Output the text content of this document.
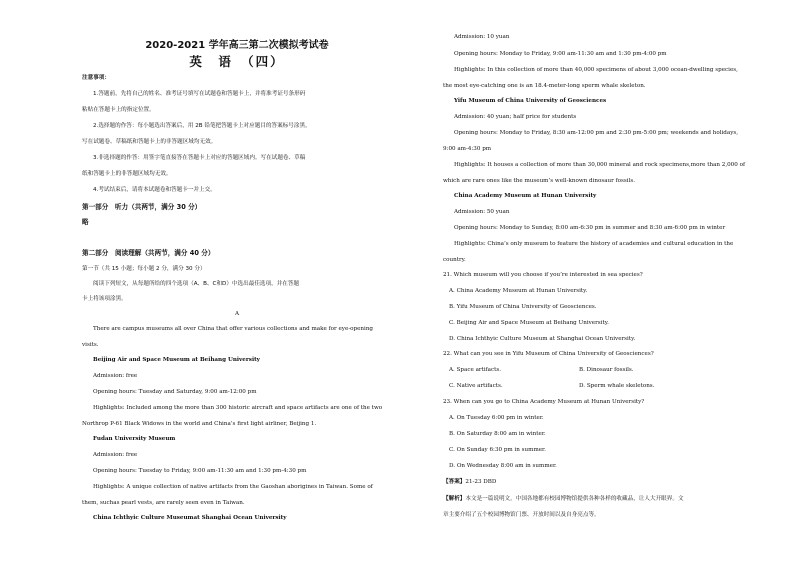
2020-2021 学年高三第二次模拟考试卷
英　语　（四）

注意事项：

1.答题前，先将自己的姓名、准考证号填写在试题卷和答题卡上，并将准考证号条形码

粘贴在答题卡上的指定位置。

2.选择题的作答：每小题选出答案后，用 2B 铅笔把答题卡上对应题目的答案标号涂黑，

写在试题卷、草稿纸和答题卡上的非答题区域均无效。

3.非选择题的作答：用签字笔直接答在答题卡上对应的答题区域内。写在试题卷、草稿

纸和答题卡上的非答题区域均无效。

4.考试结束后，请将本试题卷和答题卡一并上交。

第一部分　听力（共两节，满分 30 分）

略

第二部分　阅读理解（共两节，满分 40 分）

第一节（共 15 小题；每小题 2 分，满分 30 分）

阅读下列短文，从每题所给的四个选项（A、B、C和D）中选出最佳选项，并在答题

卡上将该项涂黑。

A

There are campus museums all over China that offer various collections and make for eye-opening

visits.

Beijing Air and Space Museum at Beihang University

Admission: free

Opening hours: Tuesday and Saturday, 9:00 am-12:00 pm

Highlights: Included among the more than 300 historic aircraft and space artifacts are one of the two

Northrop P-61 Black Widows in the world and China’s first light airliner, Beijing 1.

Fudan University Museum

Admission: free

Opening hours: Tuesday to Friday, 9:00 am-11:30 am and 1:30 pm-4:30 pm

Highlights: A unique collection of native artifacts from the Gaoshan aborigines in Taiwan. Some of

them, suchas pearl vests, are rarely seen even in Taiwan.

China Ichthyic Culture Museumat Shanghai Ocean University

Admission: 10 yuan

Opening hours: Monday to Friday, 9:00 am-11:30 am and 1:30 pm-4:00 pm

Highlights: In this collection of more than 40,000 specimens of about 3,000 ocean-dwelling species,

the most eye-catching one is an 18.4-meter-long sperm whale skeleton.

Yifu Museum of China University of Geosciences

Admission: 40 yuan; half price for students

Opening hours: Monday to Friday, 8:30 am-12:00 pm and 2:30 pm-5:00 pm; weekends and holidays,

9:00 am-4:30 pm

Highlights: It houses a collection of more than 30,000 mineral and rock specimens,more than 2,000 of

which are rare ones like the museum’s well-known dinosaur fossils.

China Academy Museum at Hunan University

Admission: 50 yuan

Opening hours: Monday to Sunday, 8:00 am-6:30 pm in summer and 8:30 am-6:00 pm in winter

Highlights: China’s only museum to feature the history of academies and cultural education in the

country.

21. Which museum will you choose if you’re interested in sea species?

A. China Academy Museum at Hunan University.

B. Yifu Museum of China University of Geosciences.

C. Beijing Air and Space Museum at Beihang University.

D. China Ichthyic Culture Museum at Shanghai Ocean University.

22. What can you see in Yifu Museum of China University of Geosciences?

A. Space artifacts.	B. Dinosaur fossils.
C. Native artifacts.	D. Sperm whale skeletons.

23. When can you go to China Academy Museum at Hunan University?

A. On Tuesday 6:00 pm in winter.

B. On Saturday 8:00 am in winter.

C. On Sunday 6:30 pm in summer.

D. On Wednesday 8:00 am in summer.

【答案】21-23 DBD

【解析】本文是一篇说明文。中国各地都有校园博物馆提供各种各样的收藏品，让人大开眼界。文

章主要介绍了五个校园博物馆门票、开放时间以及自身亮点等。
